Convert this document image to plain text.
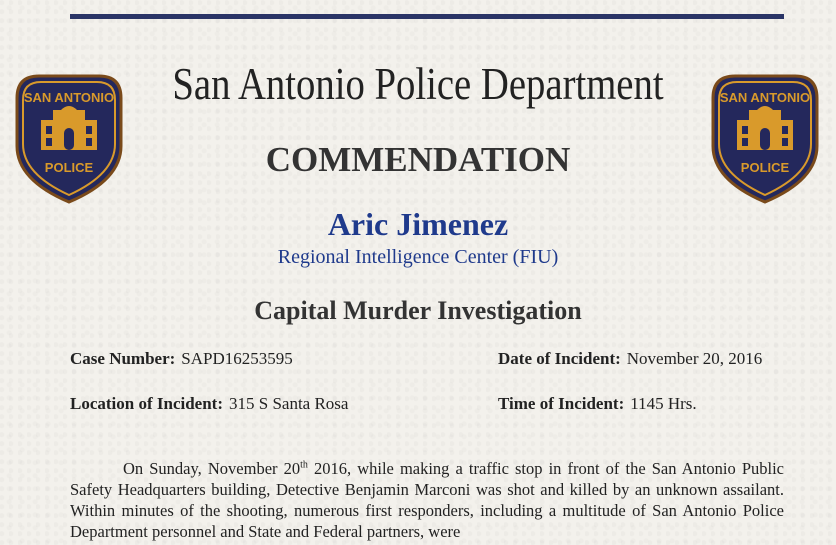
SAN ANTONIO
POLICE
SAN ANTONIO
POLICE
San Antonio Police Department
COMMENDATION
Aric Jimenez
Regional Intelligence Center (FIU)
Capital Murder Investigation
Case Number: SAPD16253595	Date of Incident: November 20, 2016
Location of Incident: 315 S Santa Rosa	Time of Incident: 1145 Hrs.

On Sunday, November 20th 2016, while making a traffic stop in front of the San Antonio Public Safety Headquarters building, Detective Benjamin Marconi was shot and killed by an unknown assailant. Within minutes of the shooting, numerous first responders, including a multitude of San Antonio Police Department personnel and State and Federal partners, were
